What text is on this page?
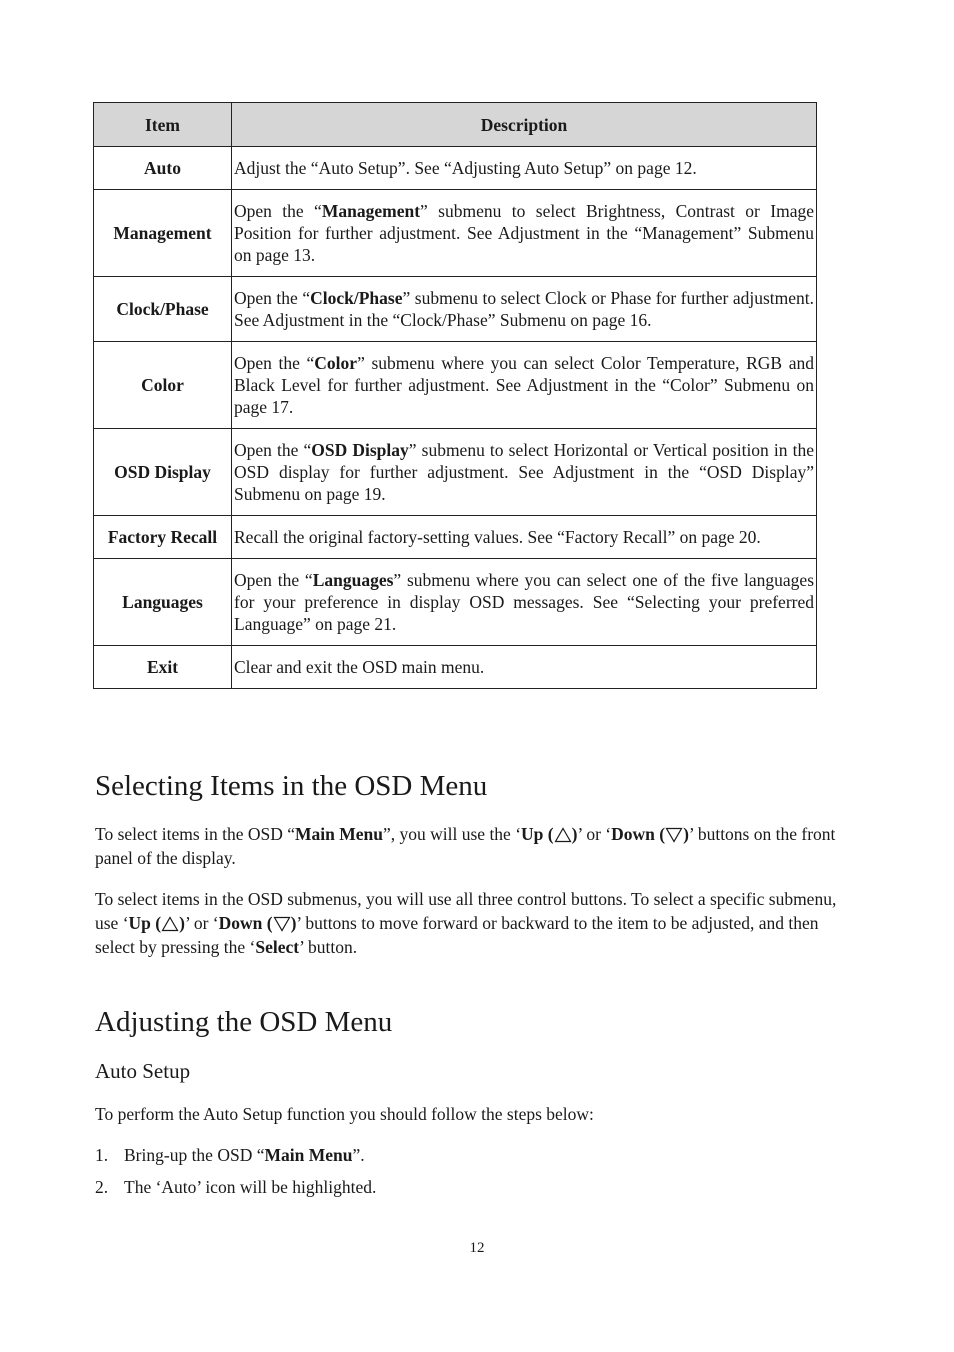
Item	Description
Auto	Adjust the “Auto Setup”. See “Adjusting Auto Setup” on page 12.
Management	Open the “Management” submenu to select Brightness, Contrast or Image Position for further adjustment. See Adjustment in the “Management” Submenu on page 13.
Clock/Phase	Open the “Clock/Phase” submenu to select Clock or Phase for further adjustment. See Adjustment in the “Clock/Phase” Submenu on page 16.
Color	Open the “Color” submenu where you can select Color Temperature, RGB and Black Level for further adjustment. See Adjustment in the “Color” Submenu on page 17.
OSD Display	Open the “OSD Display” submenu to select Horizontal or Vertical position in the OSD display for further adjustment. See Adjustment in the “OSD Display” Submenu on page 19.
Factory Recall	Recall the original factory-setting values. See “Factory Recall” on page 20.
Languages	Open the “Languages” submenu where you can select one of the five languages for your preference in display OSD messages. See “Selecting your preferred Language” on page 21.
Exit	Clear and exit the OSD main menu.
Selecting Items in the OSD Menu

To select items in the OSD “Main Menu”, you will use the ‘Up ( )’ or ‘Down ( )’ buttons on the front panel of the display.

To select items in the OSD submenus, you will use all three control buttons. To select a specific submenu, use ‘Up ( )’ or ‘Down ( )’ buttons to move forward or backward to the item to be adjusted, and then select by pressing the ‘Select’ button.

Adjusting the OSD Menu
Auto Setup

To perform the Auto Setup function you should follow the steps below:

1. Bring-up the OSD “Main Menu”.
2. The ‘Auto’ icon will be highlighted.
12
